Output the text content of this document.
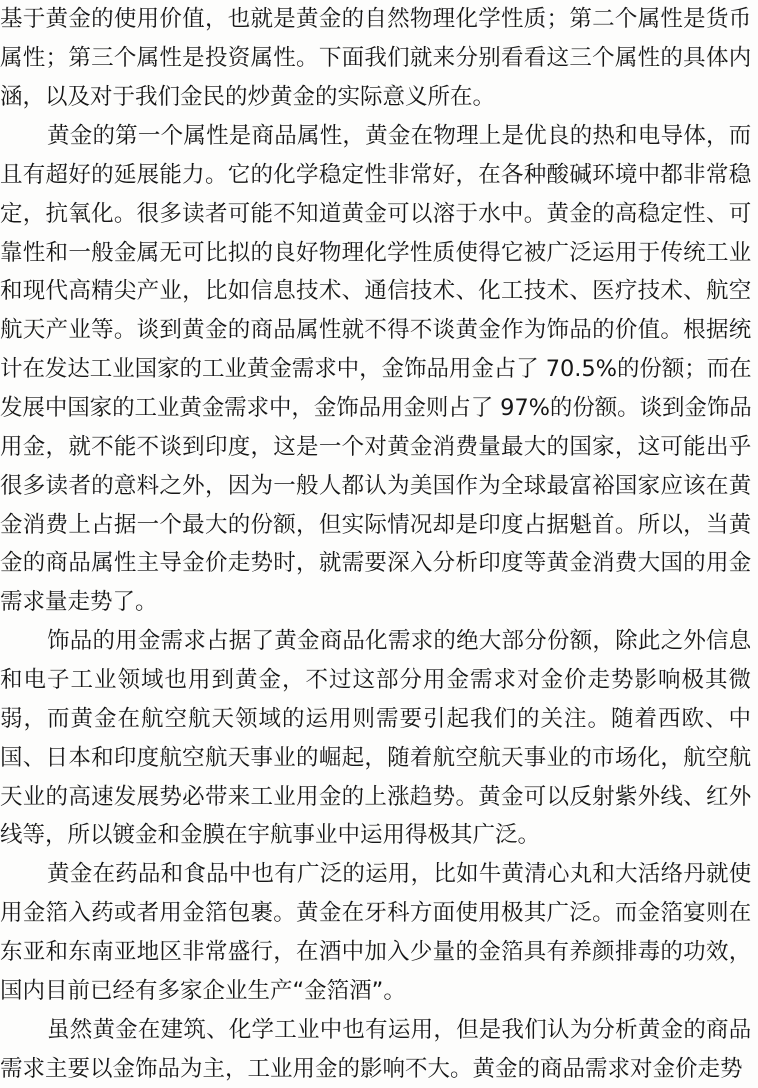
基于黄金的使用价值，也就是黄金的自然物理化学性质；第二个属性是货币
属性；第三个属性是投资属性。下面我们就来分别看看这三个属性的具体内
涵，以及对于我们金民的炒黄金的实际意义所在。
黄金的第一个属性是商品属性，黄金在物理上是优良的热和电导体，而
且有超好的延展能力。它的化学稳定性非常好，在各种酸碱环境中都非常稳
定，抗氧化。很多读者可能不知道黄金可以溶于水中。黄金的高稳定性、可
靠性和一般金属无可比拟的良好物理化学性质使得它被广泛运用于传统工业
和现代高精尖产业，比如信息技术、通信技术、化工技术、医疗技术、航空
航天产业等。谈到黄金的商品属性就不得不谈黄金作为饰品的价值。根据统
计在发达工业国家的工业黄金需求中，金饰品用金占了 70.5%的份额；而在
发展中国家的工业黄金需求中，金饰品用金则占了 97%的份额。谈到金饰品
用金，就不能不谈到印度，这是一个对黄金消费量最大的国家，这可能出乎
很多读者的意料之外，因为一般人都认为美国作为全球最富裕国家应该在黄
金消费上占据一个最大的份额，但实际情况却是印度占据魁首。所以，当黄
金的商品属性主导金价走势时，就需要深入分析印度等黄金消费大国的用金
需求量走势了。
饰品的用金需求占据了黄金商品化需求的绝大部分份额，除此之外信息
和电子工业领域也用到黄金，不过这部分用金需求对金价走势影响极其微
弱，而黄金在航空航天领域的运用则需要引起我们的关注。随着西欧、中
国、日本和印度航空航天事业的崛起，随着航空航天事业的市场化，航空航
天业的高速发展势必带来工业用金的上涨趋势。黄金可以反射紫外线、红外
线等，所以镀金和金膜在宇航事业中运用得极其广泛。
黄金在药品和食品中也有广泛的运用，比如牛黄清心丸和大活络丹就使
用金箔入药或者用金箔包裹。黄金在牙科方面使用极其广泛。而金箔宴则在
东亚和东南亚地区非常盛行，在酒中加入少量的金箔具有养颜排毒的功效，
国内目前已经有多家企业生产“金箔酒”。
虽然黄金在建筑、化学工业中也有运用，但是我们认为分析黄金的商品
需求主要以金饰品为主，工业用金的影响不大。黄金的商品需求对金价走势
